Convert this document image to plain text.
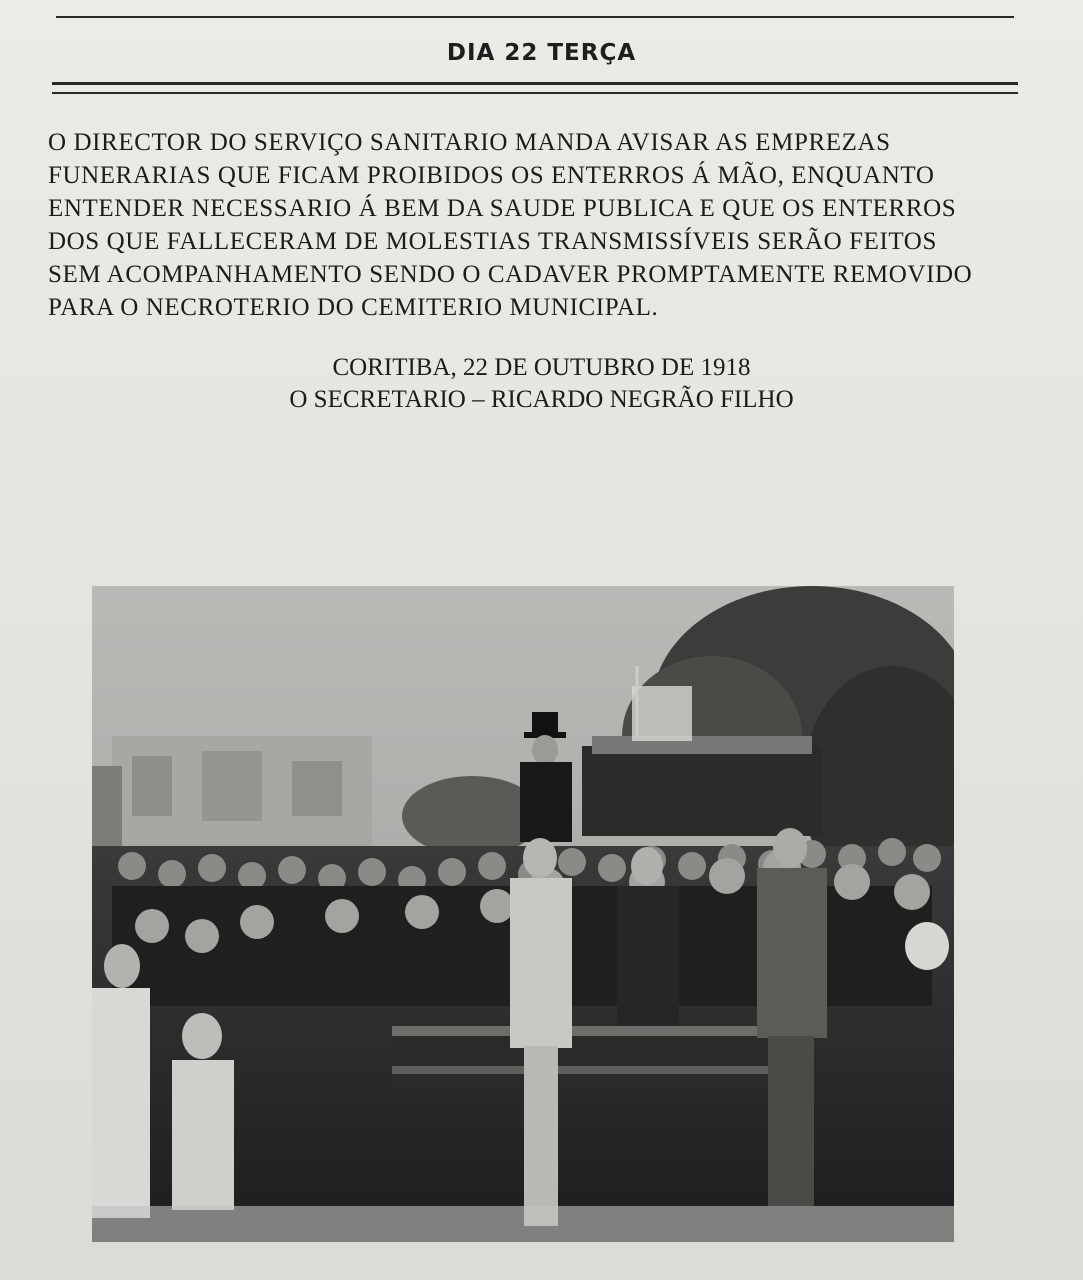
DIA 22 TERÇA
O DIRECTOR DO SERVIÇO SANITARIO MANDA AVISAR AS EMPREZAS
FUNERARIAS QUE FICAM PROIBIDOS OS ENTERROS Á MÃO, ENQUANTO
ENTENDER NECESSARIO Á BEM DA SAUDE PUBLICA E QUE OS ENTERROS
DOS QUE FALLECERAM DE MOLESTIAS TRANSMISSÍVEIS SERÃO FEITOS
SEM ACOMPANHAMENTO SENDO O CADAVER PROMPTAMENTE REMOVIDO
PARA O NECROTERIO DO CEMITERIO MUNICIPAL.
CORITIBA, 22 DE OUTUBRO DE 1918
O SECRETARIO – RICARDO NEGRÃO FILHO
